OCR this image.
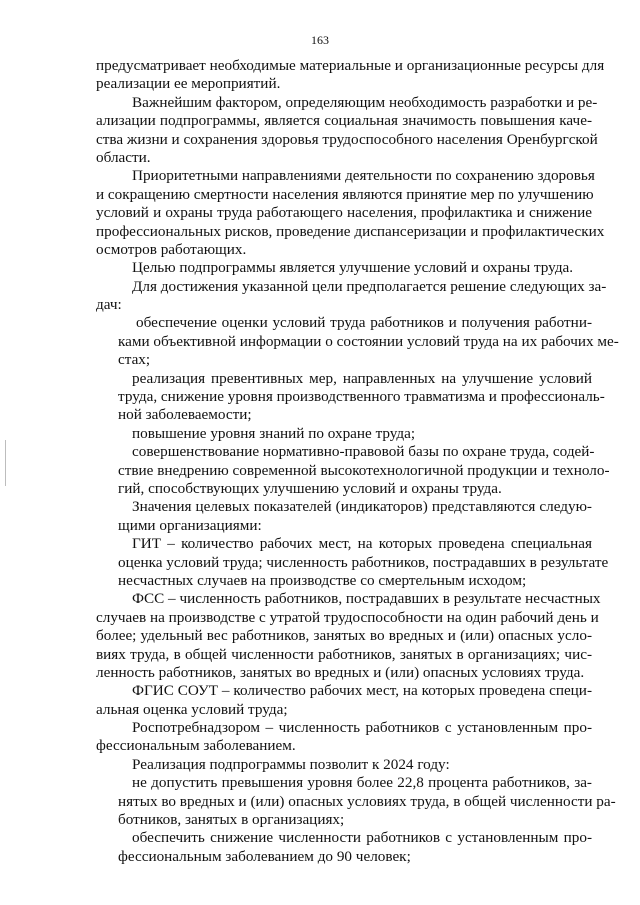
163
предусматривает необходимые материальные и организационные ресурсы для
реализации ее мероприятий.
Важнейшим фактором, определяющим необходимость разработки и ре-
ализации подпрограммы, является социальная значимость повышения каче-
ства жизни и сохранения здоровья трудоспособного населения Оренбургской
области.
Приоритетными направлениями деятельности по сохранению здоровья
и сокращению смертности населения являются принятие мер по улучшению
условий и охраны труда работающего населения, профилактика и снижение
профессиональных рисков, проведение диспансеризации и профилактических
осмотров работающих.
Целью подпрограммы является улучшение условий и охраны труда.
Для достижения указанной цели предполагается решение следующих за-
дач:
обеспечение оценки условий труда работников и получения работни-
ками объективной информации о состоянии условий труда на их рабочих ме-
стах;
реализация превентивных мер, направленных на улучшение условий
труда, снижение уровня производственного травматизма и профессиональ-
ной заболеваемости;
повышение уровня знаний по охране труда;
совершенствование нормативно-правовой базы по охране труда, содей-
ствие внедрению современной высокотехнологичной продукции и техноло-
гий, способствующих улучшению условий и охраны труда.
Значения целевых показателей (индикаторов) представляются следую-
щими организациями:
ГИТ – количество рабочих мест, на которых проведена специальная
оценка условий труда; численность работников, пострадавших в результате
несчастных случаев на производстве со смертельным исходом;
ФСС – численность работников, пострадавших в результате несчастных
случаев на производстве с утратой трудоспособности на один рабочий день и
более; удельный вес работников, занятых во вредных и (или) опасных усло-
виях труда, в общей численности работников, занятых в организациях; чис-
ленность работников, занятых во вредных и (или) опасных условиях труда.
ФГИС СОУТ – количество рабочих мест, на которых проведена специ-
альная оценка условий труда;
Роспотребнадзором – численность работников с установленным про-
фессиональным заболеванием.
Реализация подпрограммы позволит к 2024 году:
не допустить превышения уровня более 22,8 процента работников, за-
нятых во вредных и (или) опасных условиях труда, в общей численности ра-
ботников, занятых в организациях;
обеспечить снижение численности работников с установленным про-
фессиональным заболеванием до 90 человек;
